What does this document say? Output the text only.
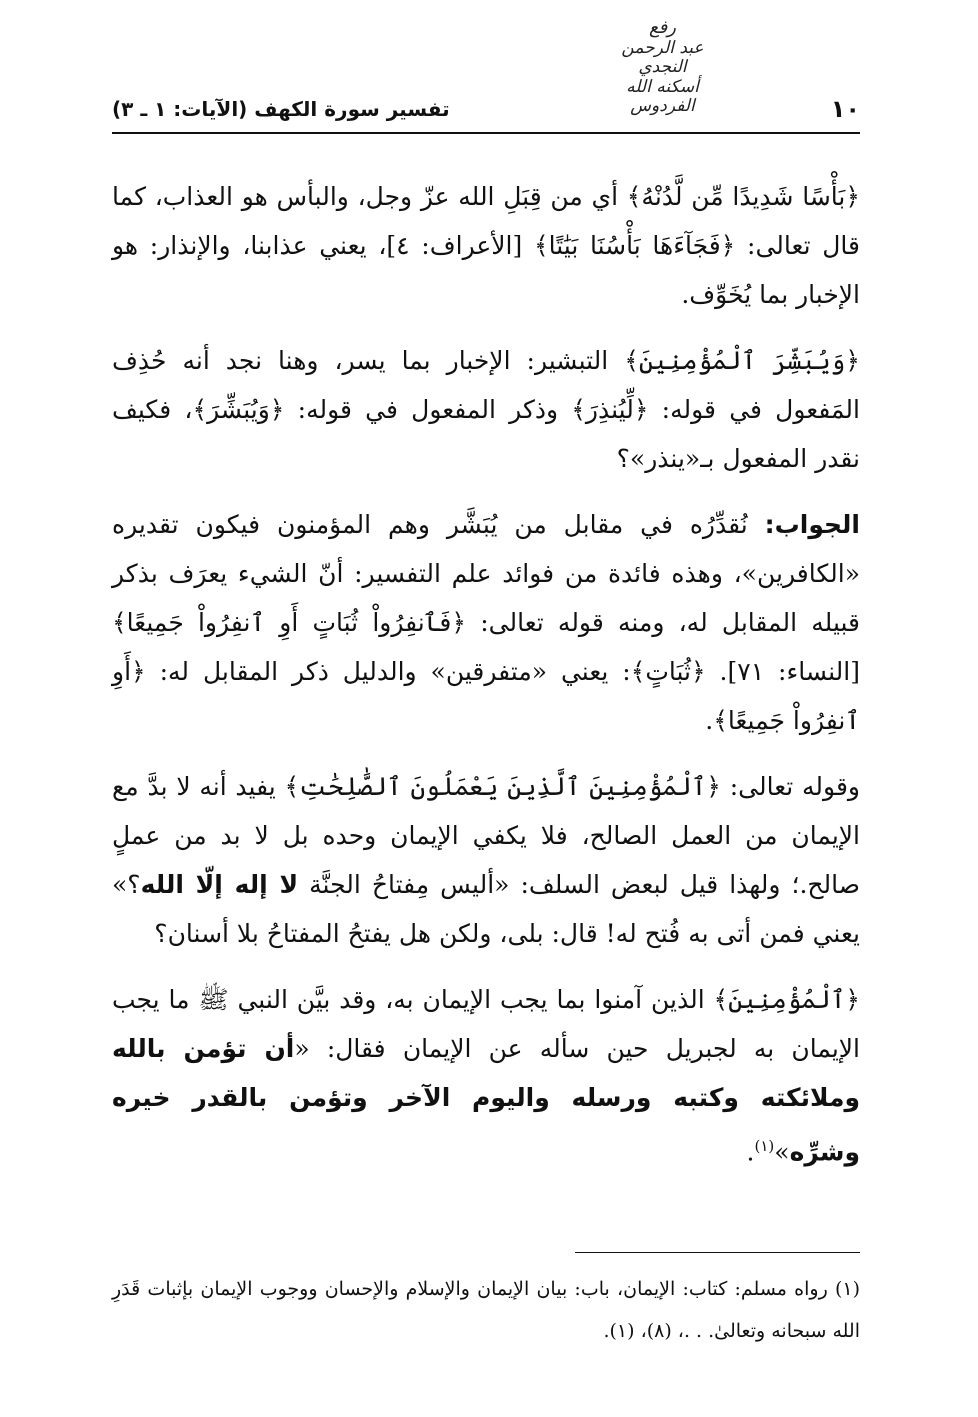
رفع
عبد الرحمن النجدي
أسكنه الله الفردوس	١٠
تفسير سورة الكهف (الآيات: ١ ـ ٣)

﴿بَأْسًا شَدِيدًا مِّن لَّدُنْهُ﴾ أي من قِبَلِ الله عزّ وجل، والبأس هو العذاب، كما قال تعالى: ﴿فَجَآءَهَا بَأْسُنَا بَيَٰتًا﴾ [الأعراف: ٤]، يعني عذابنا، والإنذار: هو الإخبار بما يُخَوِّف.

﴿وَيُبَشِّرَ ٱلْمُؤْمِنِينَ﴾ التبشير: الإخبار بما يسر، وهنا نجد أنه حُذِف المَفعول في قوله: ﴿لِّيُنذِرَ﴾ وذكر المفعول في قوله: ﴿وَيُبَشِّرَ﴾، فكيف نقدر المفعول بـ«ينذر»؟

الجواب: نُقدِّرُه في مقابل من يُبَشَّر وهم المؤمنون فيكون تقديره «الكافرين»، وهذه فائدة من فوائد علم التفسير: أنّ الشيء يعرَف بذكر قبيله المقابل له، ومنه قوله تعالى: ﴿فَٱنفِرُواْ ثُبَاتٍ أَوِ ٱنفِرُواْ جَمِيعًا﴾ [النساء: ٧١]. ﴿ثُبَاتٍ﴾: يعني «متفرقين» والدليل ذكر المقابل له: ﴿أَوِ ٱنفِرُواْ جَمِيعًا﴾.

وقوله تعالى: ﴿ٱلْمُؤْمِنِينَ ٱلَّذِينَ يَعْمَلُونَ ٱلصَّٰلِحَٰتِ﴾ يفيد أنه لا بدَّ مع الإيمان من العمل الصالح، فلا يكفي الإيمان وحده بل لا بد من عملٍ صالح.؛ ولهذا قيل لبعض السلف: «أليس مِفتاحُ الجنَّة لا إله إلّا الله؟» يعني فمن أتى به فُتح له! قال: بلى، ولكن هل يفتحُ المفتاحُ بلا أسنان؟

﴿ٱلْمُؤْمِنِينَ﴾ الذين آمنوا بما يجب الإيمان به، وقد بيَّن النبي ﷺ ما يجب الإيمان به لجبريل حين سأله عن الإيمان فقال: «أن تؤمن بالله وملائكته وكتبه ورسله واليوم الآخر وتؤمن بالقدر خيره وشرِّه»$^{(١)}$.

(١) رواه مسلم: كتاب: الإيمان، باب: بيان الإيمان والإسلام والإحسان ووجوب الإيمان بإثبات قَدَرِ الله سبحانه وتعالىٰ. . .، (٨)، (١).
